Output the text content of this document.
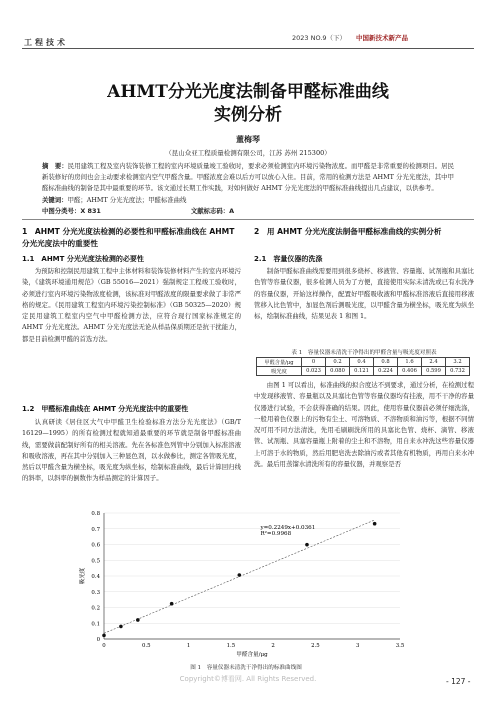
工程技术	2023 NO.9（下） 中国新技术新产品
AHMT分光光度法制备甲醛标准曲线
实例分析
董梅琴
（昆山众亚工程质量检测有限公司，江苏 苏州 215300）
摘　要：民用建筑工程及室内装饰装修工程的室内环境质量竣工验收时，要求必须检测室内环境污染物浓度。而甲醛是非常重要的检测项目。居民新装修好的房间也会主动要求检测室内空气甲醛含量。甲醛浓度会难以后方可以放心入住。目前，常用的检测方法是 AHMT 分光光度法，其中甲醛标准曲线的制备是其中最重要的环节。该文通过长期工作实践，对如何做好 AHMT 分光光度法的甲醛标准曲线提出几点建议，以供参考。
关键词：甲醛；AHMT 分光光度法；甲醛标准曲线
中图分类号：X 831	文献标志码：A
1　AHMT 分光光度法检测的必要性和甲醛标准曲线在 AHMT 分光光度法中的重要性
1.1　AHMT 分光光度法检测的必要性
为预防和控制民用建筑工程中主体材料和装饰装修材料产生的室内环境污染，《建筑环境通用规范》（GB 55016—2021）强制规定工程竣工验收时，必须进行室内环境污染物浓度检测，该标准对甲醛浓度的限量要求做了非常严格的规定。《民用建筑工程室内环境污染控制标准》（GB 50325—2020）规定民用建筑工程室内空气中甲醛检测方法，应符合现行国家标准规定的 AHMT 分光光度法。AHMT 分光光度法无论从样品保质期还是抗干扰能力，都是目前检测甲醛的首选方法。
1.2　甲醛标准曲线在 AHMT 分光光度法中的重要性
认真研读《居住区大气中甲醛卫生检验标准方法分光光度法》（GB/T 16129—1995）的所有检测过程就知道最重要的环节就是制备甲醛标准曲线，需要做前配制好所有的相关溶液。先在各标准色列管中分别加入标准溶液和吸收溶液，再在其中分别加入三种显色剂，以水做参比，测定各管吸光度，然后以甲醛含量为横坐标，吸光度为纵坐标，绘制标准曲线，最后计算回归线的斜率，以斜率的倒数作为样品测定的计算因子。
2　用 AHMT 分光光度法制备甲醛标准曲线的实例分析
2.1　容量仪器的洗涤
制备甲醛标准曲线需要用到很多烧杯、移液管、容量瓶、试剂瓶和具塞比色管等容量仪器，很多检测人员为了方便，直接使用实际未清洗或已有水洗净的容量仪器，开始这样操作，配置好甲醛吸收液和甲醛标准溶液后直接用移液管移入比色管中，加显色剂后测吸光度，以甲醛含量为横坐标，吸光度为纵坐标，绘制标准曲线，结果见表 1 和图 1。
表 1　容量仪器未清洗干净得出的甲醛含量与吸光度对照表
甲醛含量/μg	0	0.2	0.4	0.8	1.6	2.4	3.2
吸光度	0.023	0.080	0.121	0.224	0.406	0.599	0.732
由图 1 可以看出，标准曲线的拟合度达不到要求，通过分析，在检测过程中发现移液管、容量瓶以及具塞比色管等容量仪器均有挂液，用不干净的容量仪器进行试验，不会获得准确的结果。因此，使用容量仪器前必须仔细洗涤，一般用着色仪器上的污物有尘土、可溶物质、不溶物质和油污等，根据不同情况可用不同方法清洗，先用毛刷刷洗所用的具塞比色管、烧杯、滴管、移液管、试剂瓶、具塞容量瓶上附着的尘土和不溶物，用自来水冲洗这些容量仪器上可溶于水的物质，然后用肥皂洗去除油污或者其他有机物质，再用自来水冲洗。最后用蒸馏水清洗所有的容量仪器，并观察是否
0
0.1
0.2
0.3
0.4
0.5
0.6
0.7
0.8
0	0.5	1	1.5	2	2.5	3	3.5
y=0.2249x+0.0361
R²=0.9968
甲醛含量/μg
吸光度
图 1　容量仪器未清洗干净得出的标准曲线图
Copyright©博看网. All Rights Reserved.	- 127 -
